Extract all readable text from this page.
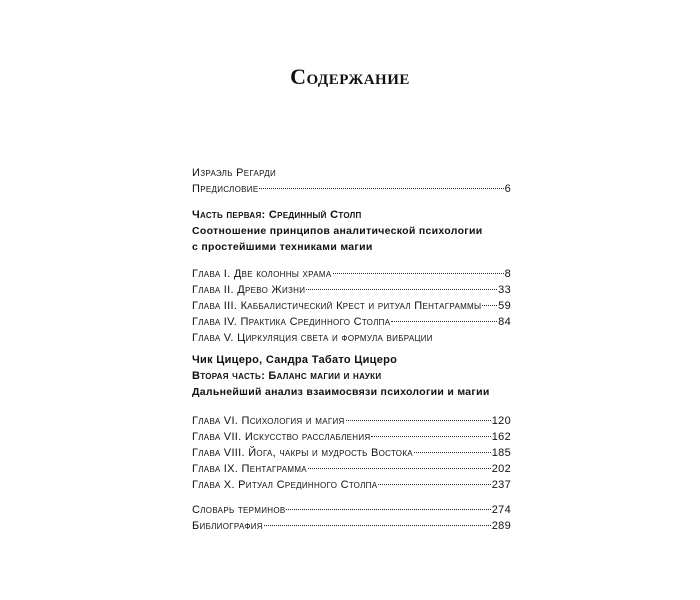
Содержание
Израэль Регарди
Предисловие	6
Часть первая: Срединный Столп
Соотношение принципов аналитической психологии
с простейшими техниками магии
Глава I. Две колонны храма	8
Глава II. Древо Жизни	33
Глава III. Каббалистический Крест и ритуал Пентаграммы 59
Глава IV. Практика Срединного Столпа	84
Глава V. Циркуляция света и формула вибрации
Чик Цицеро, Сандра Табато Цицеро
Вторая часть: Баланс магии и науки
Дальнейший анализ взаимосвязи психологии и магии
Глава VI. Психология и магия	120
Глава VII. Искусство расслабления	162
Глава VIII. Йога, чакры и мудрость Востока	185
Глава IX. Пентаграмма	202
Глава X. Ритуал Срединного Столпа	237
Словарь терминов	274
Библиография	289
